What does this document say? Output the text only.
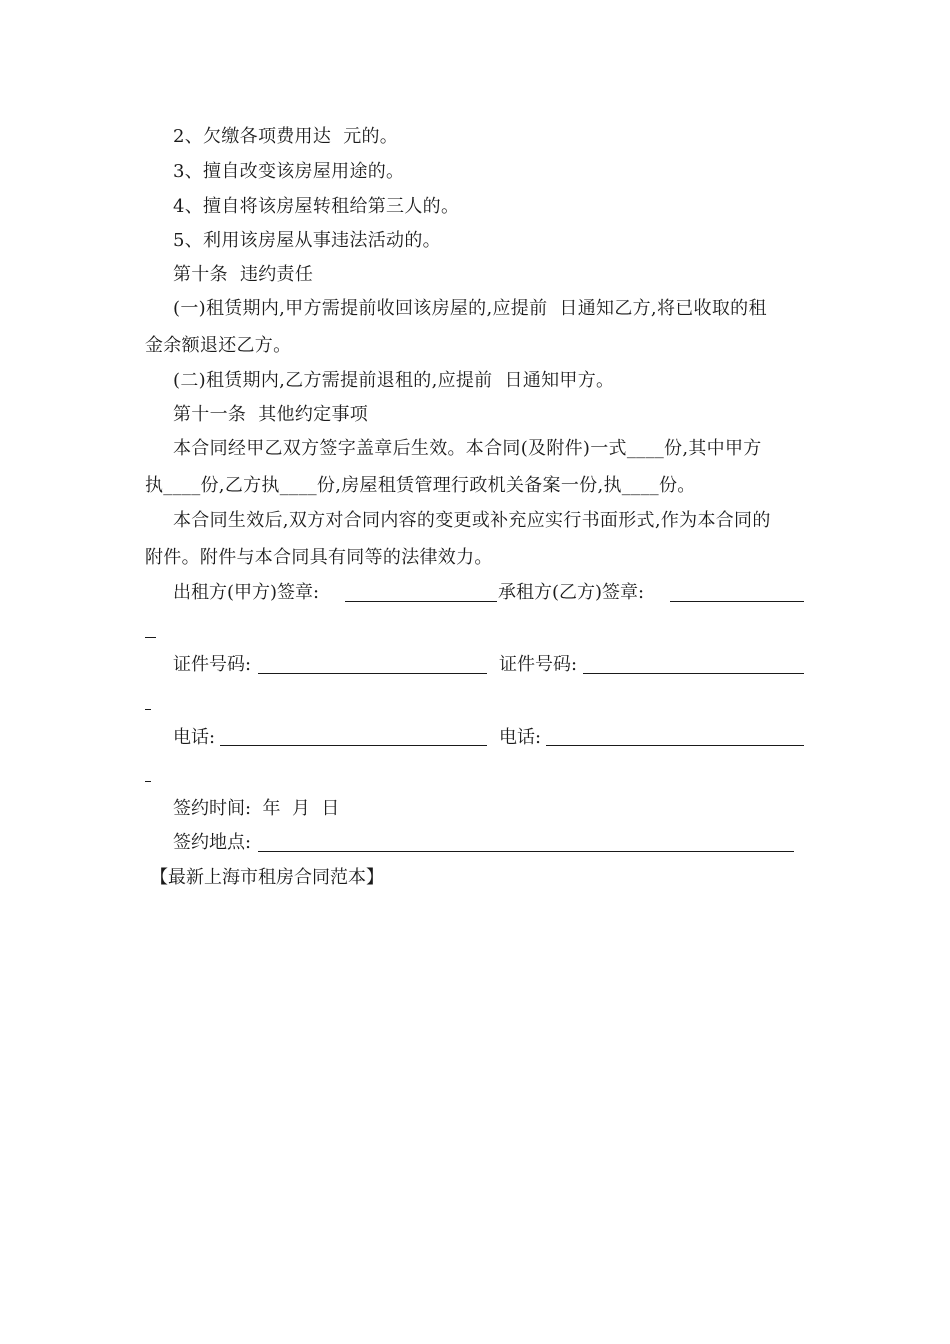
2、欠缴各项费用达  元的。
3、擅自改变该房屋用途的。
4、擅自将该房屋转租给第三人的。
5、利用该房屋从事违法活动的。
第十条  违约责任
(一)租赁期内,甲方需提前收回该房屋的,应提前  日通知乙方,将已收取的租
金余额退还乙方。
(二)租赁期内,乙方需提前退租的,应提前  日通知甲方。
第十一条  其他约定事项
本合同经甲乙双方签字盖章后生效。本合同(及附件)一式____份,其中甲方
执____份,乙方执____份,房屋租赁管理行政机关备案一份,执____份。
本合同生效后,双方对合同内容的变更或补充应实行书面形式,作为本合同的
附件。附件与本合同具有同等的法律效力。
出租方(甲方)签章:	承租方(乙方)签章:
证件号码:	证件号码:
电话:	电话:
签约时间:  年  月  日
签约地点:
【最新上海市租房合同范本】
